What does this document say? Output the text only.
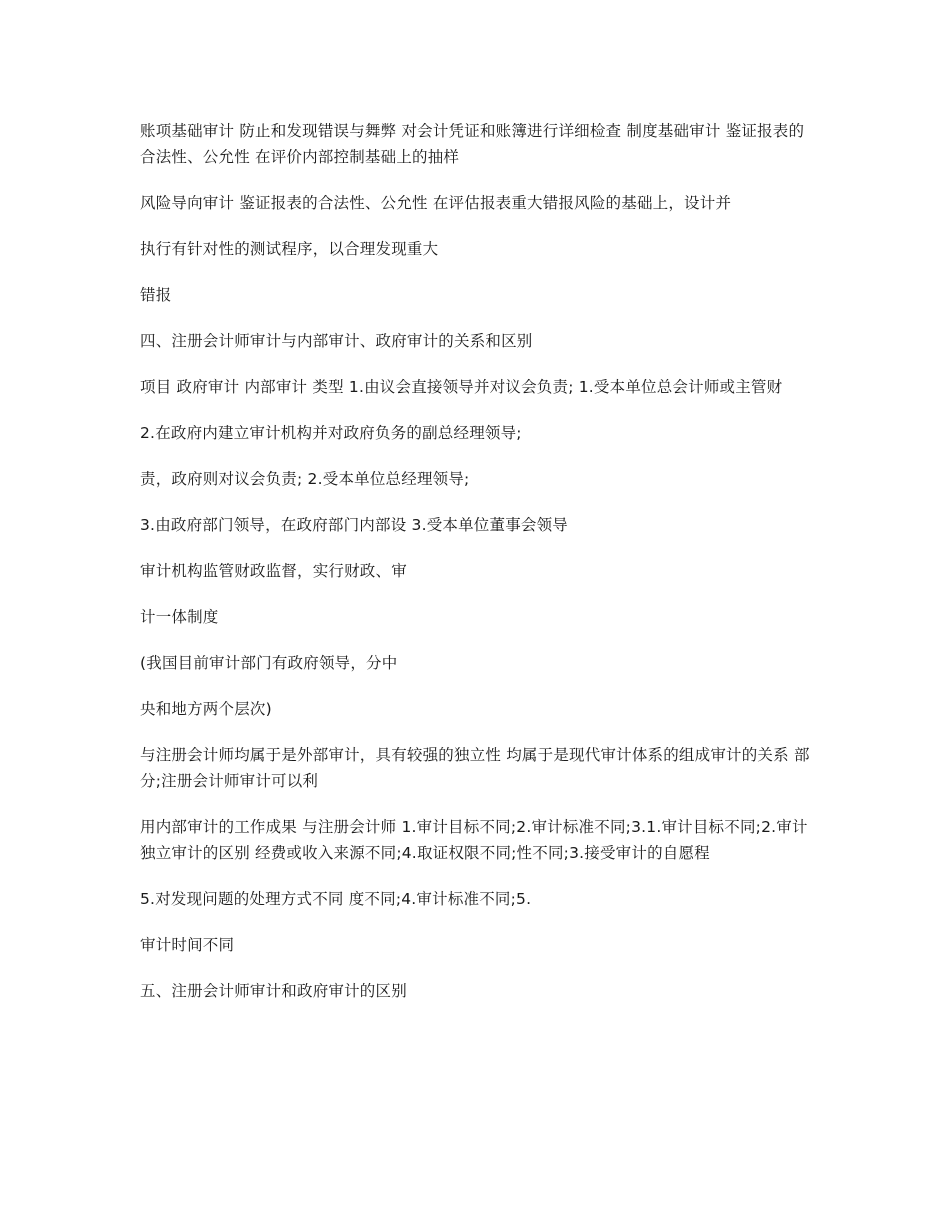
账项基础审计 防止和发现错误与舞弊 对会计凭证和账簿进行详细检查 制度基础审计 鉴证报表的合法性、公允性 在评价内部控制基础上的抽样

风险导向审计 鉴证报表的合法性、公允性 在评估报表重大错报风险的基础上，设计并

执行有针对性的测试程序，以合理发现重大

错报

四、注册会计师审计与内部审计、政府审计的关系和区别

项目 政府审计 内部审计 类型 1.由议会直接领导并对议会负责; 1.受本单位总会计师或主管财

2.在政府内建立审计机构并对政府负务的副总经理领导;

责，政府则对议会负责; 2.受本单位总经理领导;

3.由政府部门领导，在政府部门内部设 3.受本单位董事会领导

审计机构监管财政监督，实行财政、审

计一体制度

(我国目前审计部门有政府领导，分中

央和地方两个层次)

与注册会计师均属于是外部审计，具有较强的独立性 均属于是现代审计体系的组成审计的关系 部分;注册会计师审计可以利

用内部审计的工作成果 与注册会计师 1.审计目标不同;2.审计标准不同;3.1.审计目标不同;2.审计独立审计的区别 经费或收入来源不同;4.取证权限不同;性不同;3.接受审计的自愿程

5.对发现问题的处理方式不同 度不同;4.审计标准不同;5.

审计时间不同

五、注册会计师审计和政府审计的区别
